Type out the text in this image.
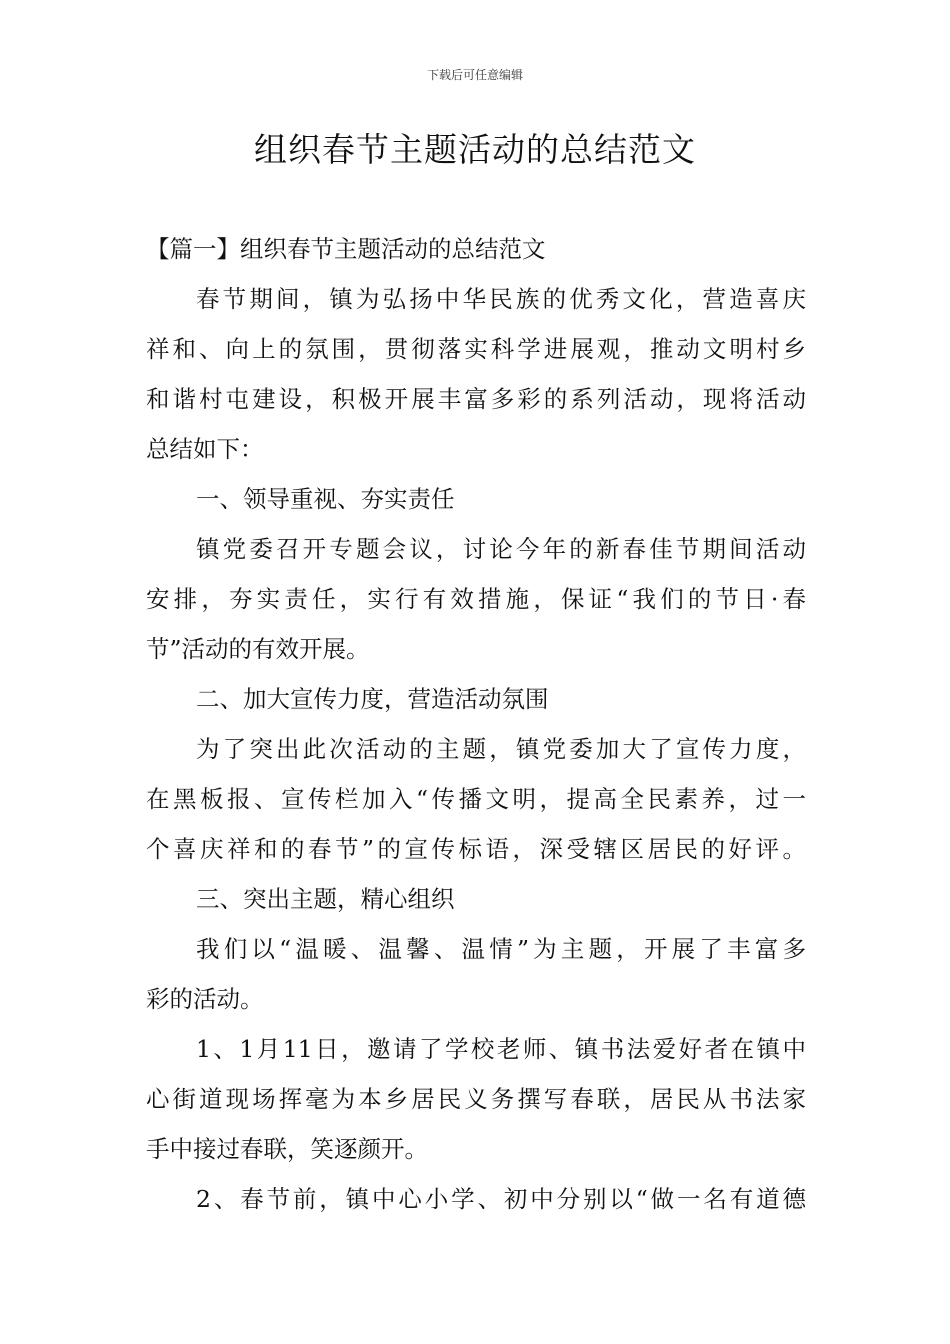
下载后可任意编辑
组织春节主题活动的总结范文
【篇一】组织春节主题活动的总结范文
春节期间，镇为弘扬中华民族的优秀文化，营造喜庆
祥和、向上的氛围，贯彻落实科学进展观，推动文明村乡
和谐村屯建设，积极开展丰富多彩的系列活动，现将活动
总结如下：
一、领导重视、夯实责任
镇党委召开专题会议，讨论今年的新春佳节期间活动
安排，夯实责任，实行有效措施，保证“我们的节日·春
节”活动的有效开展。
二、加大宣传力度，营造活动氛围
为了突出此次活动的主题，镇党委加大了宣传力度，
在黑板报、宣传栏加入“传播文明，提高全民素养，过一
个喜庆祥和的春节”的宣传标语，深受辖区居民的好评。
三、突出主题，精心组织
我们以“温暖、温馨、温情”为主题，开展了丰富多
彩的活动。
1、1月11日，邀请了学校老师、镇书法爱好者在镇中
心街道现场挥毫为本乡居民义务撰写春联，居民从书法家
手中接过春联，笑逐颜开。
2、春节前，镇中心小学、初中分别以“做一名有道德
